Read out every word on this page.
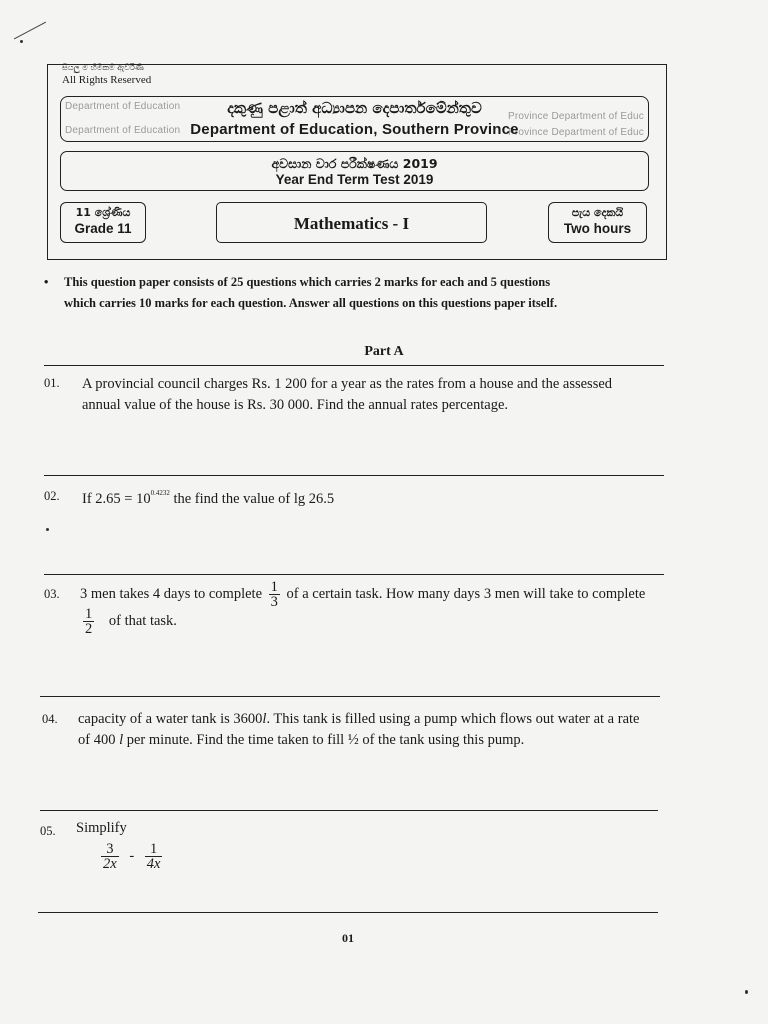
සියලු ම හිමිකම් ඇවිරිණි
All Rights Reserved
Department of Education
Department of Education
Province Department of Educ
Province Department of Educ
දකුණු පළාත් අධ්‍යාපන දෙපාර්තමේන්තුව
Department of Education, Southern Province
අවසාන වාර පරීක්ෂණය 2019
Year End Term Test 2019
11 ශ්‍රේණිය
Grade 11	Mathematics - I
පැය දෙකයි
Two hours
• This question paper consists of 25 questions which carries 2 marks for each and 5 questions
which carries 10 marks for each question. Answer all questions on this questions paper itself.
Part A
01. A provincial council charges Rs. 1 200 for a year as the rates from a house and the assessed
annual value of the house is Rs. 30 000. Find the annual rates percentage.
02. If $2.65 = 10^{0.4232}$ the find the value of lg 26.5
03. 3 men takes 4 days to complete $\frac{1}{3}$ of a certain task. How many days 3 men will take to complete
$\frac{1}{2}$ of that task.
04. capacity of a water tank is 3600l. This tank is filled using a pump which flows out water at a rate
of 400 l per minute. Find the time taken to fill ½ of the tank using this pump.
05. Simplify
$\frac{3}{2x} - \frac{1}{4x}$
01
